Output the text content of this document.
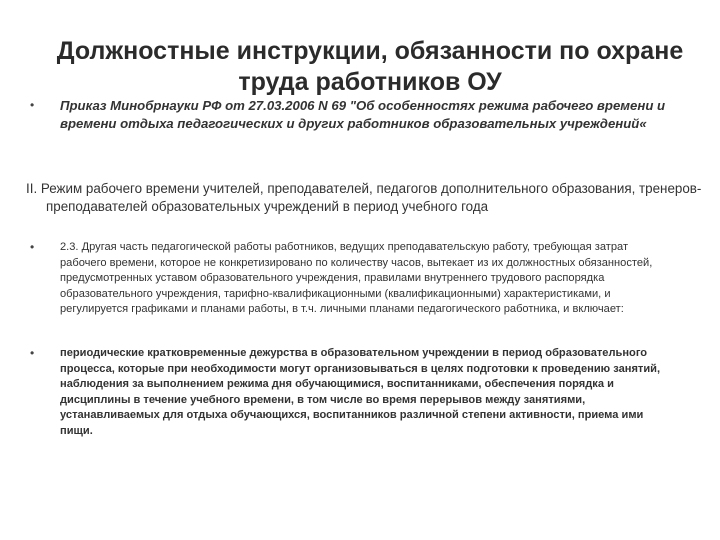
Должностные инструкции, обязанности по охране труда работников ОУ
•	Приказ Минобрнауки РФ от 27.03.2006 N 69 "Об особенностях режима рабочего времени и времени отдыха педагогических и других работников образовательных учреждений«
II. Режим рабочего времени учителей, преподавателей, педагогов дополнительного образования, тренеров-преподавателей образовательных учреждений в период учебного года
•	2.3. Другая часть педагогической работы работников, ведущих преподавательскую работу, требующая затрат рабочего времени, которое не конкретизировано по количеству часов, вытекает из их должностных обязанностей, предусмотренных уставом образовательного учреждения, правилами внутреннего трудового распорядка образовательного учреждения, тарифно-квалификационными (квалификационными) характеристиками, и регулируется графиками и планами работы, в т.ч. личными планами педагогического работника, и включает:
•	периодические кратковременные дежурства в образовательном учреждении в период образовательного процесса, которые при необходимости могут организовываться в целях подготовки к проведению занятий, наблюдения за выполнением режима дня обучающимися, воспитанниками, обеспечения порядка и дисциплины в течение учебного времени, в том числе во время перерывов между занятиями, устанавливаемых для отдыха обучающихся, воспитанников различной степени активности, приема ими пищи.
